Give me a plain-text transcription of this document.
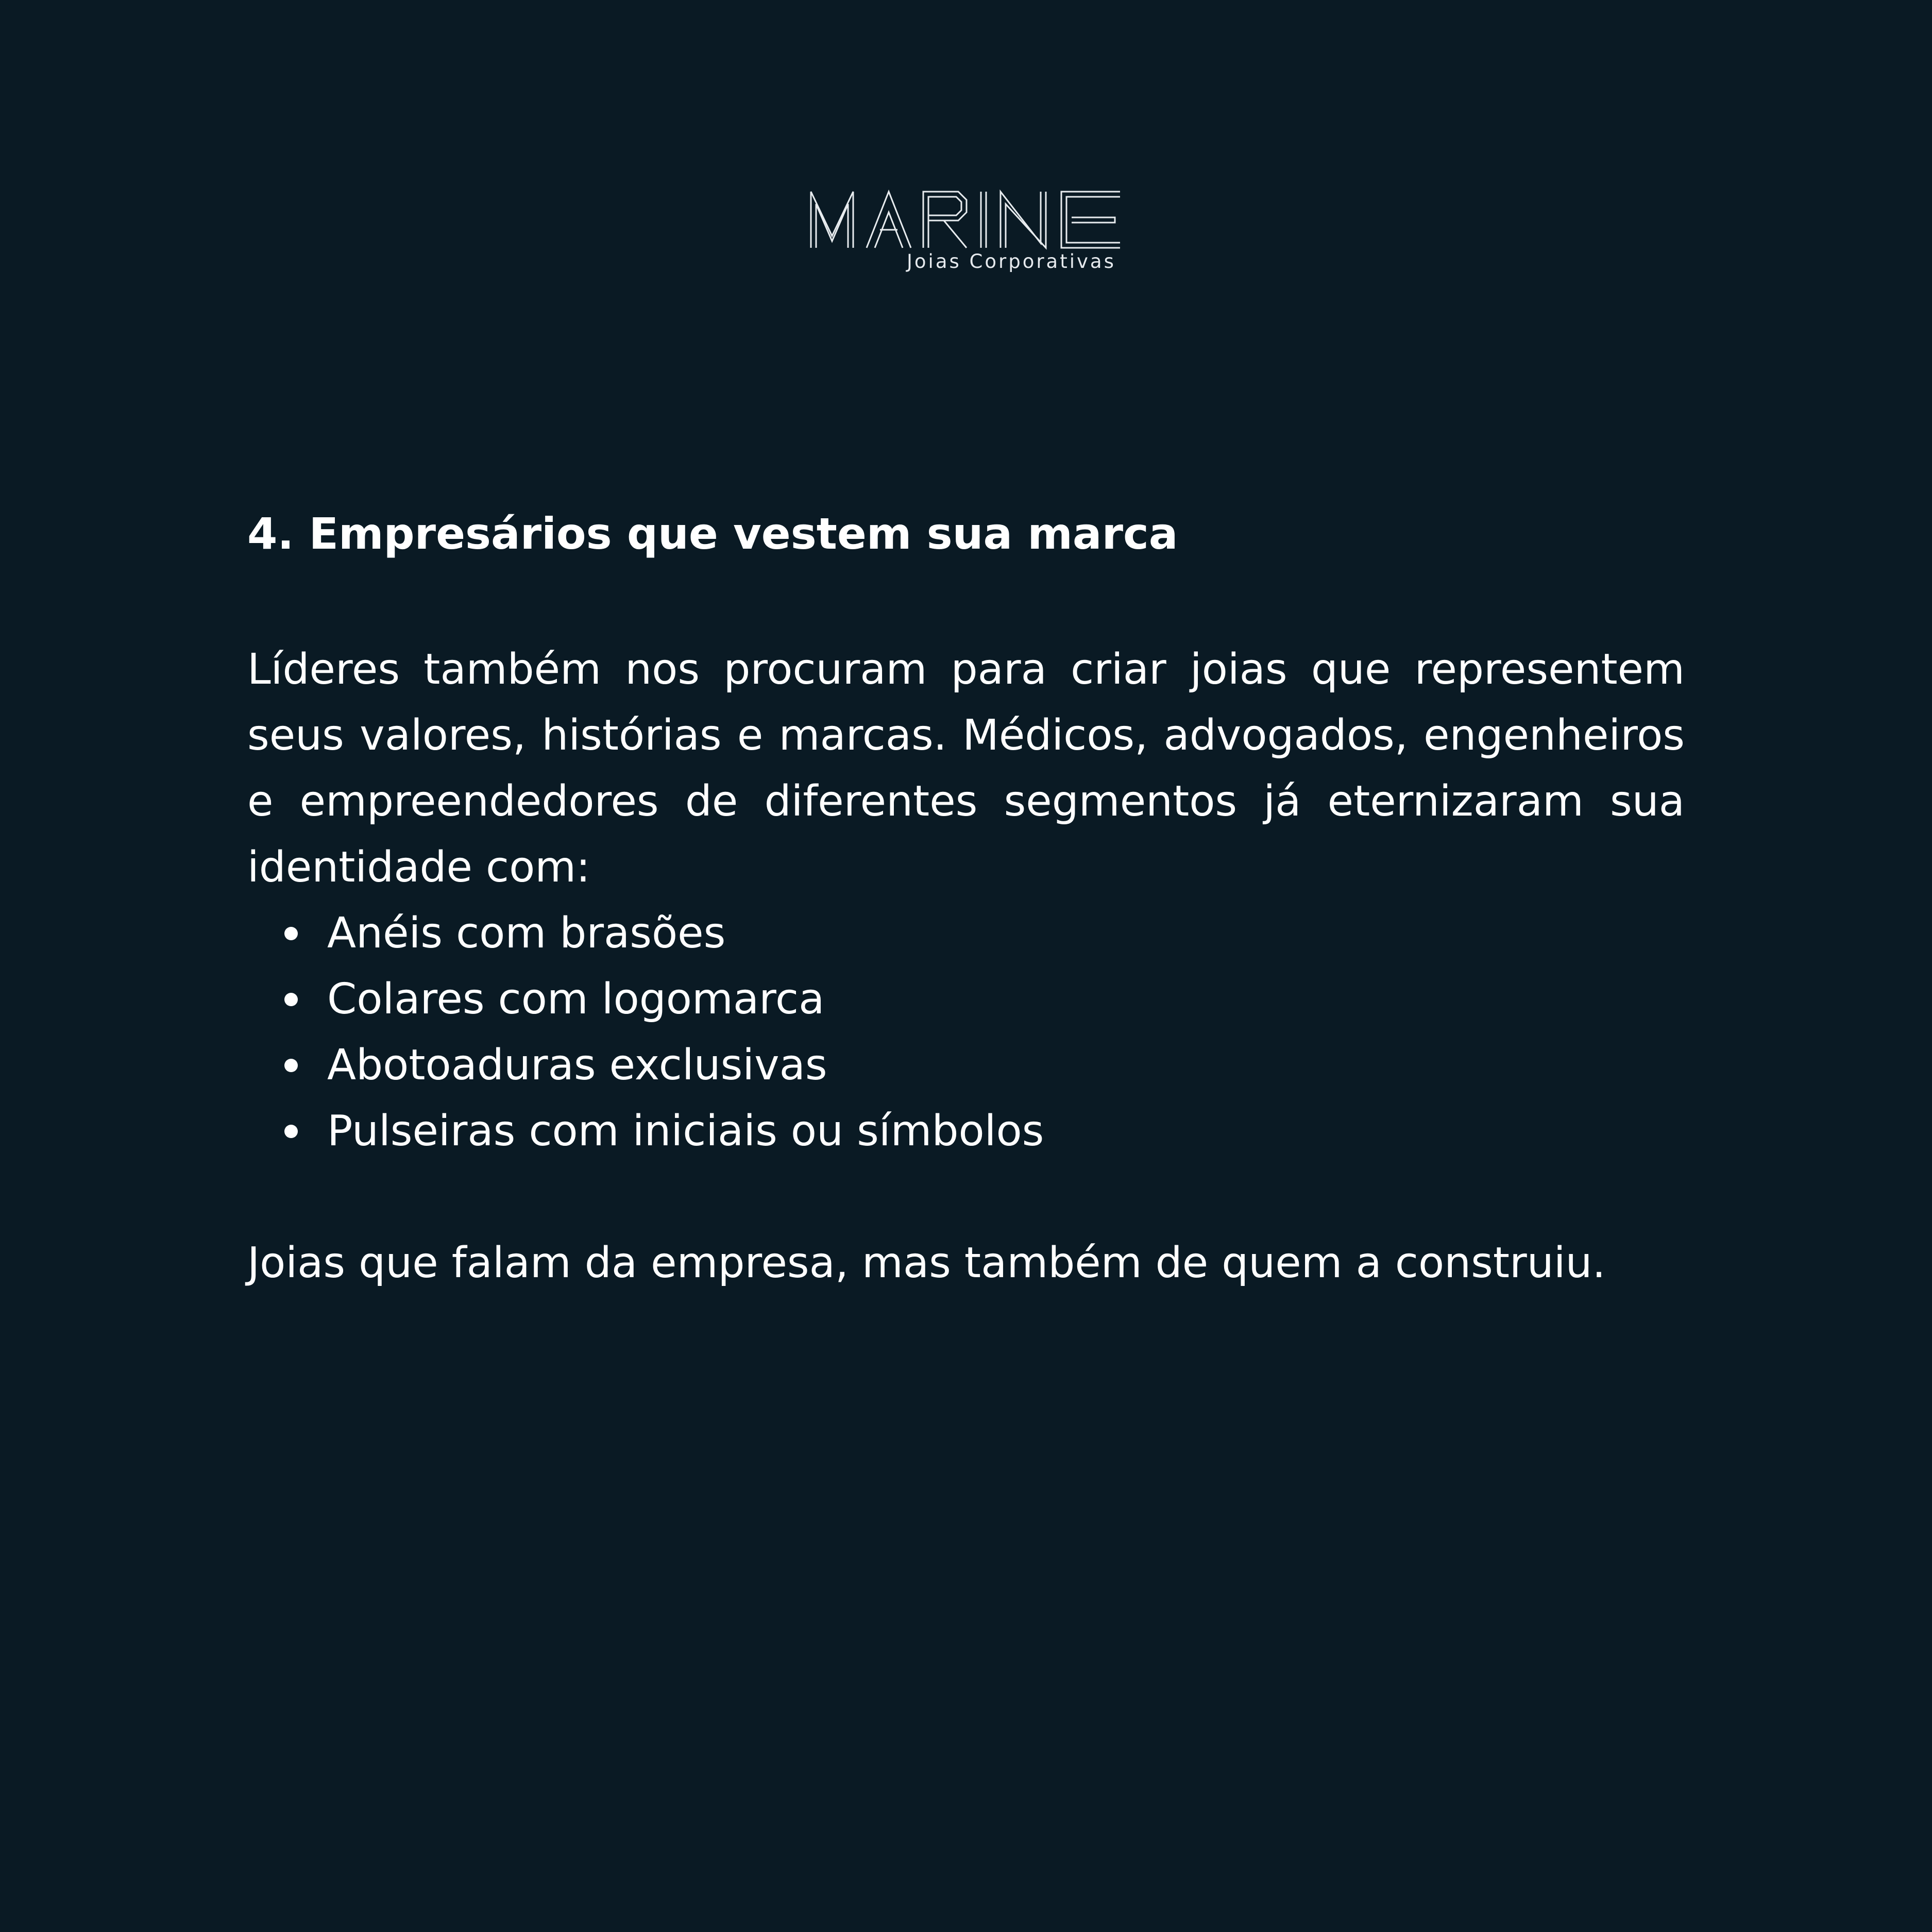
Joias Corporativas
4. Empresários que vestem sua marca

Líderes também nos procuram para criar joias que representem seus valores, histórias e marcas. Médicos, advogados, engenheiros e empreendedores de diferentes segmentos já eternizaram sua identidade com:

Anéis com brasões
Colares com logomarca
Abotoaduras exclusivas
Pulseiras com iniciais ou símbolos

Joias que falam da empresa, mas também de quem a construiu.
